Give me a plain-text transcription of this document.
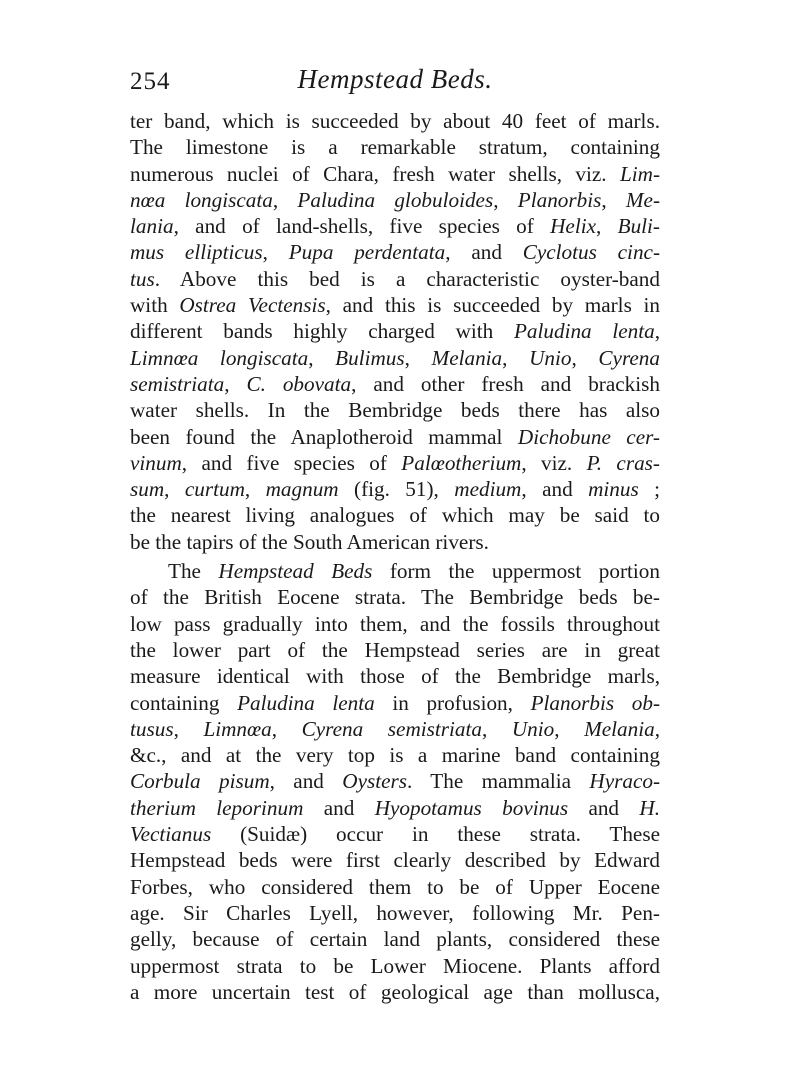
254	Hempstead Beds.
ter band, which is succeeded by about 40 feet of marls.
The limestone is a remarkable stratum, containing
numerous nuclei of Chara, fresh water shells, viz. Lim-
nœa longiscata, Paludina globuloides, Planorbis, Me-
lania, and of land-shells, five species of Helix, Buli-
mus ellipticus, Pupa perdentata, and Cyclotus cinc-
tus. Above this bed is a characteristic oyster-band
with Ostrea Vectensis, and this is succeeded by marls in
different bands highly charged with Paludina lenta,
Limnœa longiscata, Bulimus, Melania, Unio, Cyrena
semistriata, C. obovata, and other fresh and brackish
water shells. In the Bembridge beds there has also
been found the Anaplotheroid mammal Dichobune cer-
vinum, and five species of Palœotherium, viz. P. cras-
sum, curtum, magnum (fig. 51), medium, and minus ;
the nearest living analogues of which may be said to
be the tapirs of the South American rivers.
The Hempstead Beds form the uppermost portion
of the British Eocene strata. The Bembridge beds be-
low pass gradually into them, and the fossils throughout
the lower part of the Hempstead series are in great
measure identical with those of the Bembridge marls,
containing Paludina lenta in profusion, Planorbis ob-
tusus, Limnœa, Cyrena semistriata, Unio, Melania,
&c., and at the very top is a marine band containing
Corbula pisum, and Oysters. The mammalia Hyraco-
therium leporinum and Hyopotamus bovinus and H.
Vectianus (Suidæ) occur in these strata. These
Hempstead beds were first clearly described by Edward
Forbes, who considered them to be of Upper Eocene
age. Sir Charles Lyell, however, following Mr. Pen-
gelly, because of certain land plants, considered these
uppermost strata to be Lower Miocene. Plants afford
a more uncertain test of geological age than mollusca,
